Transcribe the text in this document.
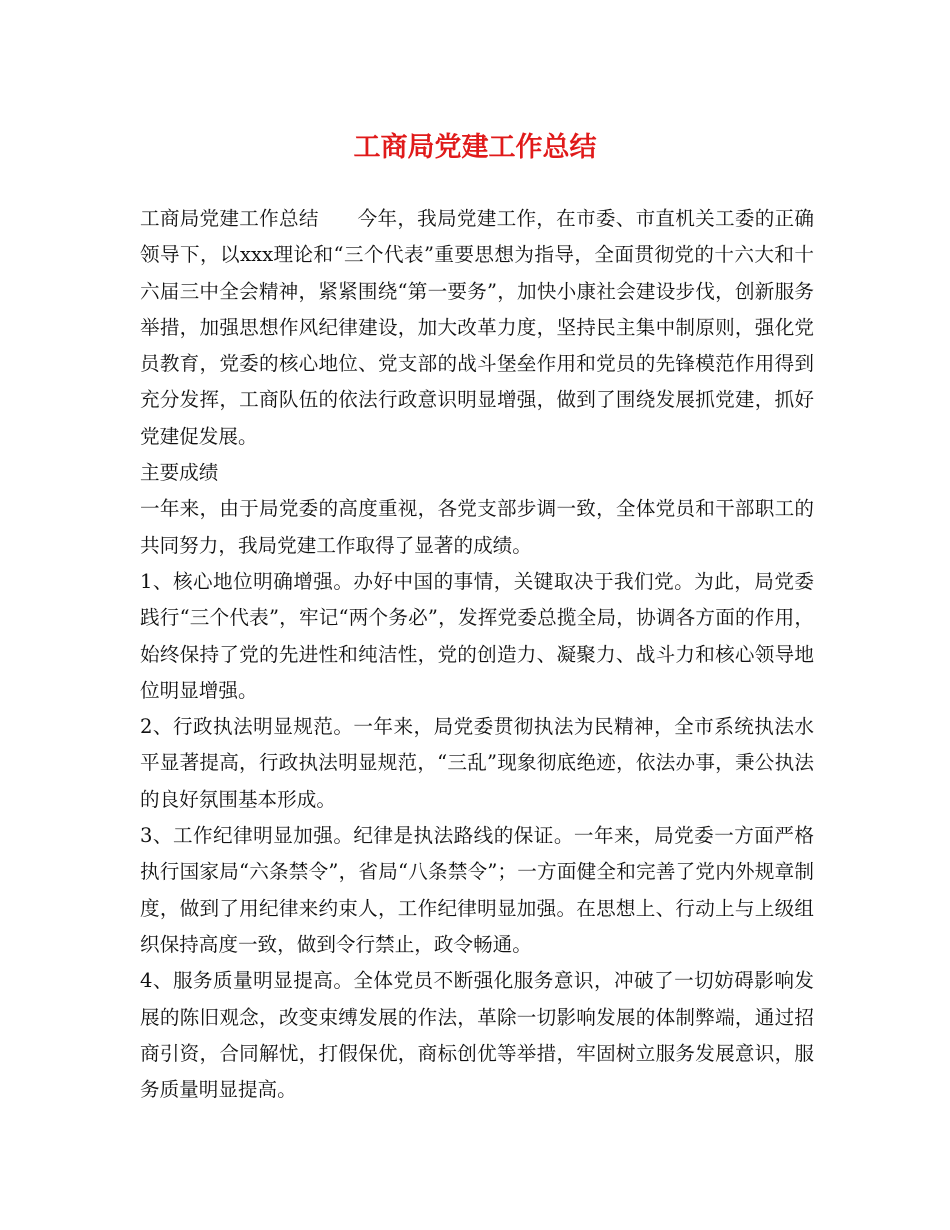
工商局党建工作总结

工商局党建工作总结      今年，我局党建工作，在市委、市直机关工委的正确领导下，以xxx理论和“三个代表”重要思想为指导，全面贯彻党的十六大和十六届三中全会精神，紧紧围绕“第一要务”，加快小康社会建设步伐，创新服务举措，加强思想作风纪律建设，加大改革力度，坚持民主集中制原则，强化党员教育，党委的核心地位、党支部的战斗堡垒作用和党员的先锋模范作用得到充分发挥，工商队伍的依法行政意识明显增强，做到了围绕发展抓党建，抓好党建促发展。

主要成绩

一年来，由于局党委的高度重视，各党支部步调一致，全体党员和干部职工的共同努力，我局党建工作取得了显著的成绩。

1、核心地位明确增强。办好中国的事情，关键取决于我们党。为此，局党委践行“三个代表”，牢记“两个务必”，发挥党委总揽全局，协调各方面的作用，始终保持了党的先进性和纯洁性，党的创造力、凝聚力、战斗力和核心领导地位明显增强。

2、行政执法明显规范。一年来，局党委贯彻执法为民精神，全市系统执法水平显著提高，行政执法明显规范，“三乱”现象彻底绝迹，依法办事，秉公执法的良好氛围基本形成。

3、工作纪律明显加强。纪律是执法路线的保证。一年来，局党委一方面严格执行国家局“六条禁令”，省局“八条禁令”；一方面健全和完善了党内外规章制度，做到了用纪律来约束人，工作纪律明显加强。在思想上、行动上与上级组织保持高度一致，做到令行禁止，政令畅通。

4、服务质量明显提高。全体党员不断强化服务意识，冲破了一切妨碍影响发展的陈旧观念，改变束缚发展的作法，革除一切影响发展的体制弊端，通过招商引资，合同解忧，打假保优，商标创优等举措，牢固树立服务发展意识，服务质量明显提高。
